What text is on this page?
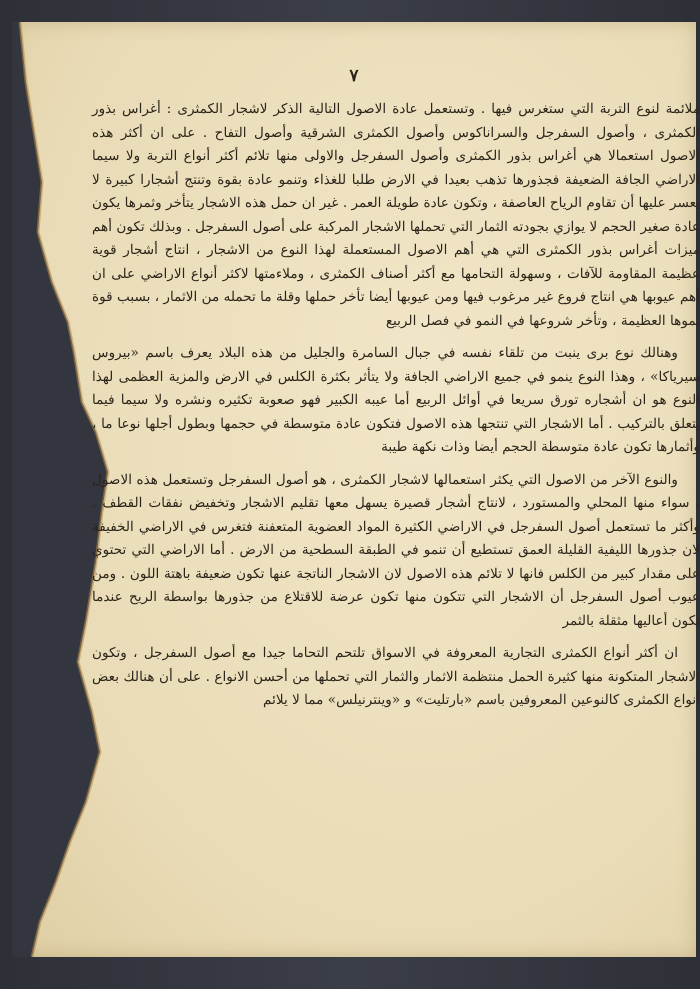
٧

ملائمة لنوع التربة التي ستغرس فيها . وتستعمل عادة الاصول التالية الذكر لاشجار الكمثرى : أغراس بذور الكمثرى ، وأصول السفرجل والسراناكوس وأصول الكمثرى الشرقية وأصول التفاح . على ان أكثر هذه الاصول استعمالا هي أغراس بذور الكمثرى وأصول السفرجل والاولى منها تلائم أكثر أنواع التربة ولا سيما الاراضي الجافة الضعيفة فجذورها تذهب بعيدا في الارض طلبا للغذاء وتنمو عادة بقوة وتنتج أشجارا كبيرة لا يعسر عليها أن تقاوم الرياح العاصفة ، وتكون عادة طويلة العمر . غير ان حمل هذه الاشجار يتأخر وثمرها يكون عادة صغير الحجم لا يوازي بجودته الثمار التي تحملها الاشجار المركبة على أصول السفرجل . وبذلك تكون أهم ميزات أغراس بذور الكمثرى التي هي أهم الاصول المستعملة لهذا النوع من الاشجار ، انتاج أشجار قوية عظيمة المقاومة للآفات ، وسهولة التحامها مع أكثر أصناف الكمثرى ، وملاءمتها لاكثر أنواع الاراضي على ان أهم عيوبها هي انتاج فروع غير مرغوب فيها ومن عيوبها أيضا تأخر حملها وقلة ما تحمله من الاثمار ، بسبب قوة نموها العظيمة ، وتأخر شروعها في النمو في فصل الربيع

وهنالك نوع برى ينبت من تلقاء نفسه في جبال السامرة والجليل من هذه البلاد يعرف باسم «بيروس سيرياكا» ، وهذا النوع ينمو في جميع الاراضي الجافة ولا يتأثر بكثرة الكلس في الارض والمزية العظمى لهذا النوع هو ان أشجاره تورق سريعا في أوائل الربيع أما عيبه الكبير فهو صعوبة تكثيره ونشره ولا سيما فيما يتعلق بالتركيب . أما الاشجار التي تنتجها هذه الاصول فتكون عادة متوسطة في حجمها وبطول أجلها نوعا ما ، وأثمارها تكون عادة متوسطة الحجم أيضا وذات نكهة طيبة

والنوع الآخر من الاصول التي يكثر استعمالها لاشجار الكمثرى ، هو أصول السفرجل وتستعمل هذه الاصول ، سواء منها المحلي والمستورد ، لانتاج أشجار قصيرة يسهل معها تقليم الاشجار وتخفيض نفقات القطف . وأكثر ما تستعمل أصول السفرجل في الاراضي الكثيرة المواد العضوية المتعفنة فتغرس في الاراضي الخفيفة لان جذورها الليفية القليلة العمق تستطيع أن تنمو في الطبقة السطحية من الارض . أما الاراضي التي تحتوي على مقدار كبير من الكلس فانها لا تلائم هذه الاصول لان الاشجار الناتجة عنها تكون ضعيفة باهتة اللون . ومن عيوب أصول السفرجل أن الاشجار التي تتكون منها تكون عرضة للاقتلاع من جذورها بواسطة الريح عندما تكون أعاليها مثقلة بالثمر

ان أكثر أنواع الكمثرى التجارية المعروفة في الاسواق تلتحم التحاما جيدا مع أصول السفرجل ، وتكون الاشجار المتكونة منها كثيرة الحمل منتظمة الاثمار والثمار التي تحملها من أحسن الانواع . على أن هنالك بعض أنواع الكمثرى كالنوعين المعروفين باسم «بارتليت» و «وينترنيلس» مما لا يلائم
